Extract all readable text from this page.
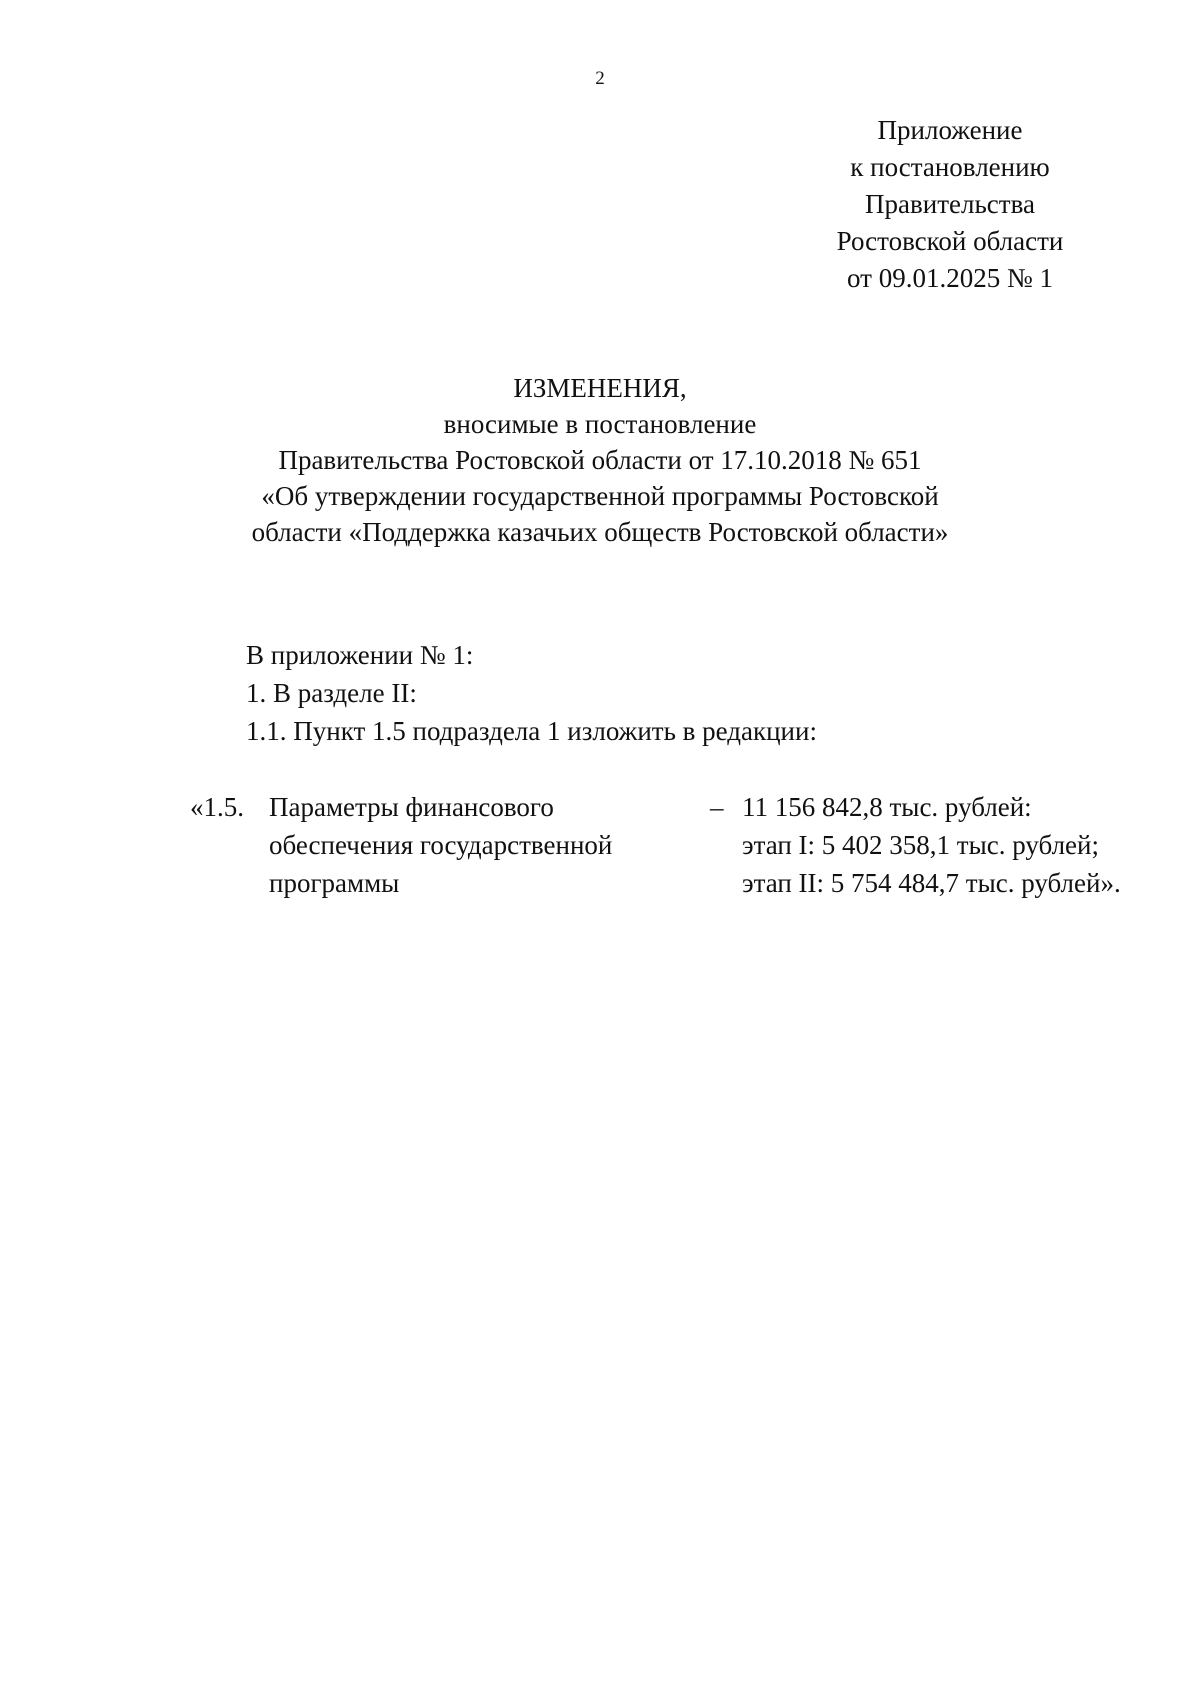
2
Приложение
к постановлению
Правительства
Ростовской области
от 09.01.2025 № 1
ИЗМЕНЕНИЯ,
вносимые в постановление
Правительства Ростовской области от 17.10.2018 № 651
«Об утверждении государственной программы Ростовской
области «Поддержка казачьих обществ Ростовской области»
В приложении № 1:
1. В разделе II:
1.1. Пункт 1.5 подраздела 1 изложить в редакции:
«1.5. Параметры финансового
обеспечения государственной
программы
– 11 156 842,8 тыс. рублей:
этап I: 5 402 358,1 тыс. рублей;
этап II: 5 754 484,7 тыс. рублей».
